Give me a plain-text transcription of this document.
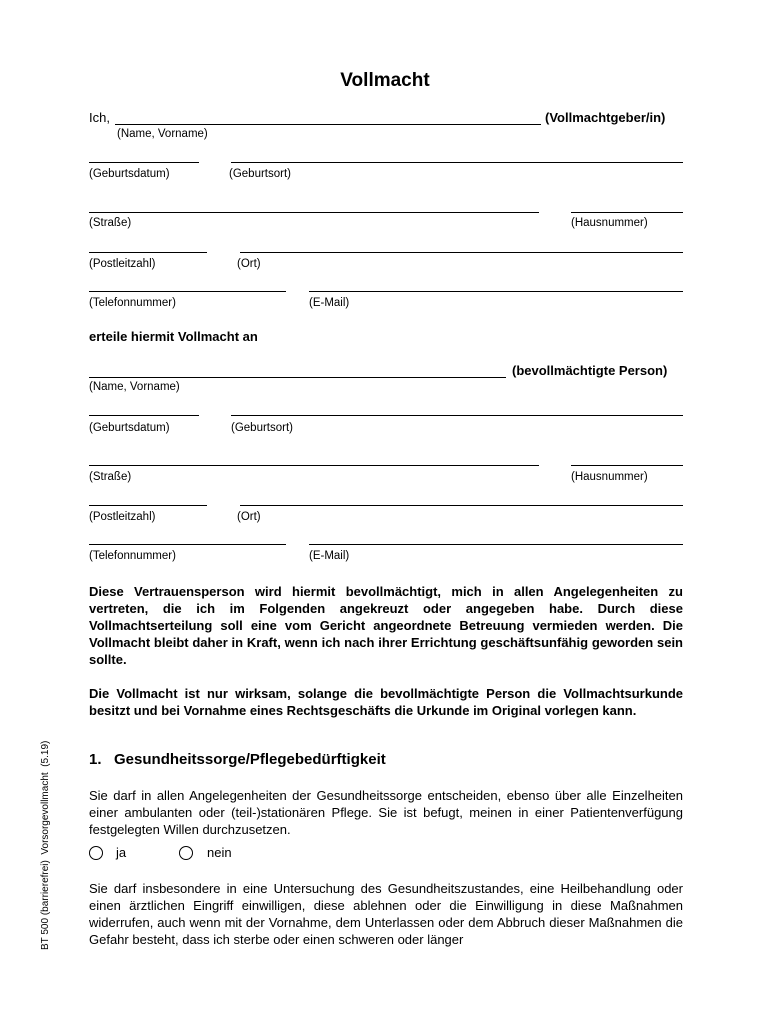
Vollmacht
Ich,	(Vollmachtgeber/in)
(Name, Vorname)
(Geburtsdatum)	(Geburtsort)
(Straße)	(Hausnummer)
(Postleitzahl)	(Ort)
(Telefonnummer)	(E-Mail)
erteile hiermit Vollmacht an
(bevollmächtigte Person)
(Name, Vorname)
(Geburtsdatum)	(Geburtsort)
(Straße)	(Hausnummer)
(Postleitzahl)	(Ort)
(Telefonnummer)	(E-Mail)
Diese Vertrauensperson wird hiermit bevollmächtigt, mich in allen Angelegenheiten zu vertreten, die ich im Folgenden angekreuzt oder angegeben habe. Durch diese Vollmachtserteilung soll eine vom Gericht angeordnete Betreuung vermieden werden. Die Vollmacht bleibt daher in Kraft, wenn ich nach ihrer Errichtung geschäftsunfähig geworden sein sollte.
Die Vollmacht ist nur wirksam, solange die bevollmächtigte Person die Vollmachtsurkunde besitzt und bei Vornahme eines Rechtsgeschäfts die Urkunde im Original vorlegen kann.
1.   Gesundheitssorge/Pflegebedürftigkeit
Sie darf in allen Angelegenheiten der Gesundheitssorge entscheiden, ebenso über alle Einzelheiten einer ambulanten oder (teil-)stationären Pflege. Sie ist befugt, meinen in einer Patientenverfügung festgelegten Willen durchzusetzen.
ja	nein
Sie darf insbesondere in eine Untersuchung des Gesundheitszustandes, eine Heilbehandlung oder einen ärztlichen Eingriff einwilligen, diese ablehnen oder die Einwilligung in diese Maßnahmen widerrufen, auch wenn mit der Vornahme, dem Unterlassen oder dem Abbruch dieser Maßnahmen die Gefahr besteht, dass ich sterbe oder einen schweren oder länger
BT 500 (barrierefrei)  Vorsorgevollmacht  (5.19)
